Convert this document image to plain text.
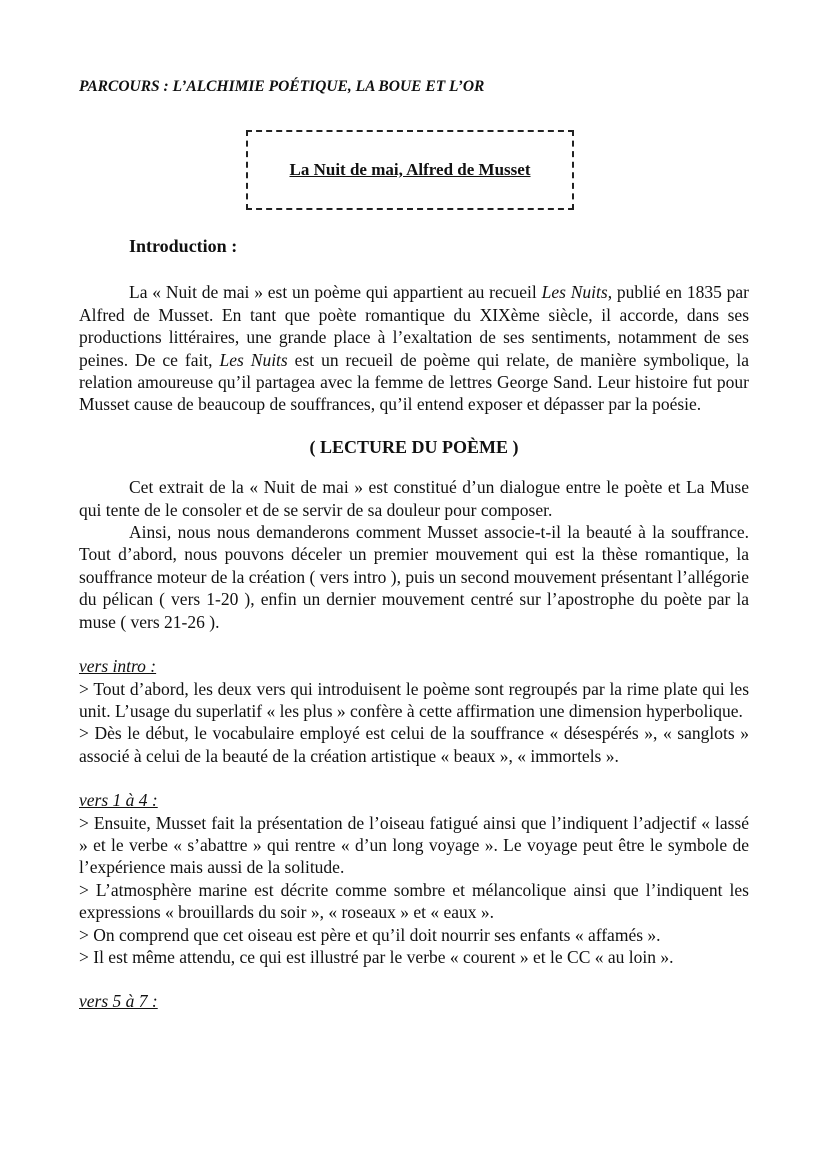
PARCOURS : L’ALCHIMIE POÉTIQUE, LA BOUE ET L’OR

La Nuit de mai, Alfred de Musset
Introduction :

La « Nuit de mai » est un poème qui appartient au recueil Les Nuits, publié en 1835 par Alfred de Musset. En tant que poète romantique du XIXème siècle, il accorde, dans ses productions littéraires, une grande place à l’exaltation de ses sentiments, notamment de ses peines. De ce fait, Les Nuits est un recueil de poème qui relate, de manière symbolique, la relation amoureuse qu’il partagea avec la femme de lettres George Sand. Leur histoire fut pour Musset cause de beaucoup de souffrances, qu’il entend exposer et dépasser par la poésie.

( LECTURE DU POÈME )

Cet extrait de la « Nuit de mai » est constitué d’un dialogue entre le poète et La Muse qui tente de le consoler et de se servir de sa douleur pour composer.

Ainsi, nous nous demanderons comment Musset associe-t-il la beauté à la souffrance. Tout d’abord, nous pouvons déceler un premier mouvement qui est la thèse romantique, la souffrance moteur de la création ( vers intro ), puis un second mouvement présentant l’allégorie du pélican ( vers 1-20 ), enfin un dernier mouvement centré sur l’apostrophe du poète par la muse ( vers 21-26 ).

vers intro :

> Tout d’abord, les deux vers qui introduisent le poème sont regroupés par la rime plate qui les unit. L’usage du superlatif « les plus » confère à cette affirmation une dimension hyperbolique.

> Dès le début, le vocabulaire employé est celui de la souffrance « désespérés », « sanglots » associé à celui de la beauté de la création artistique « beaux », « immortels ».

vers 1 à 4 :

> Ensuite, Musset fait la présentation de l’oiseau fatigué ainsi que l’indiquent l’adjectif « lassé » et le verbe « s’abattre » qui rentre « d’un long voyage ». Le voyage peut être le symbole de l’expérience mais aussi de la solitude.

> L’atmosphère marine est décrite comme sombre et mélancolique ainsi que l’indiquent les expressions « brouillards du soir », « roseaux » et « eaux ».

> On comprend que cet oiseau est père et qu’il doit nourrir ses enfants « affamés ».

> Il est même attendu, ce qui est illustré par le verbe « courent » et le CC « au loin ».

vers 5 à 7 :
